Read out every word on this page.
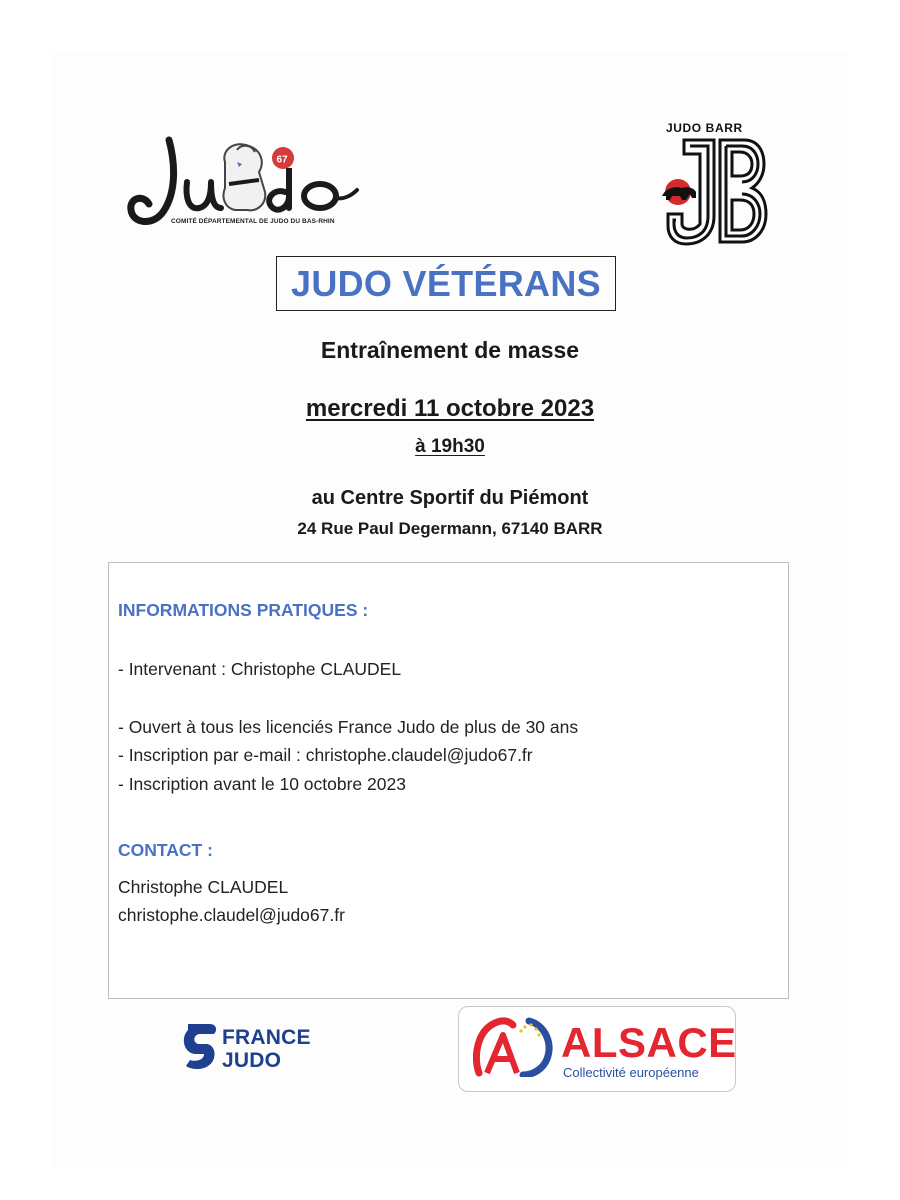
67
COMITÉ DÉPARTEMENTAL DE JUDO DU BAS-RHIN
JUDO BARR
JUDO VÉTÉRANS
Entraînement de masse
mercredi 11 octobre 2023
à 19h30
au Centre Sportif du Piémont
24 Rue Paul Degermann, 67140 BARR
INFORMATIONS PRATIQUES :
- Intervenant : Christophe CLAUDEL
- Ouvert à tous les licenciés France Judo de plus de 30 ans
- Inscription par e-mail : christophe.claudel@judo67.fr
- Inscription avant le 10 octobre 2023
CONTACT :
Christophe CLAUDEL
christophe.claudel@judo67.fr
FRANCE
JUDO	ALSACE
Collectivité européenne
